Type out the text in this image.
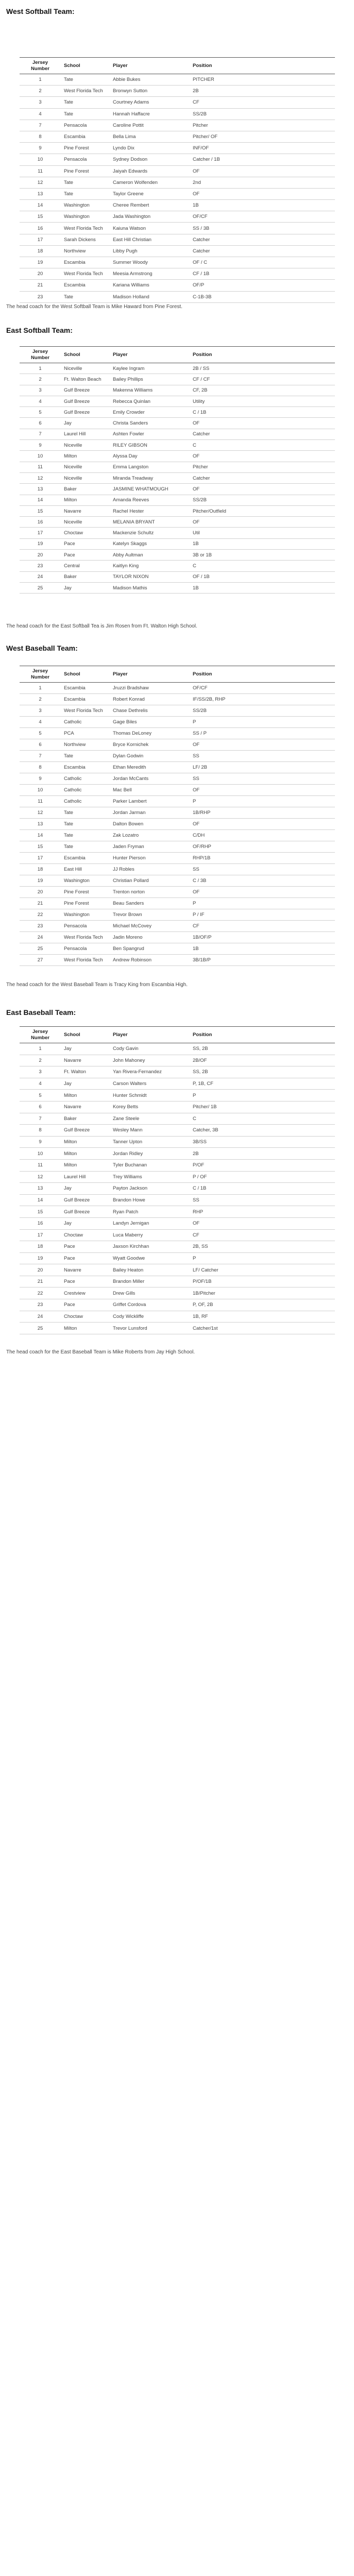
West Softball Team:
Jersey Number	School	Player	Position
1	Tate	Abbie Bukes	PITCHER
2	West Florida Tech	Bronwyn Sutton	2B
3	Tate	Courtney Adams	CF
4	Tate	Hannah Haffacre	SS/2B
7	Pensacola	Caroline Pottit	Pitcher
8	Escambia	Bella Lima	Pitcher/ OF
9	Pine Forest	Lyndo Dix	INF/OF
10	Pensacola	Sydney Dodson	Catcher / 1B
11	Pine Forest	Jaiyah Edwards	OF
12	Tate	Cameron Wolfenden	2nd
13	Tate	Taylor Greene	OF
14	Washington	Cheree Rembert	1B
15	Washington	Jada Washington	OF/CF
16	West Florida Tech	Kaiuna Watson	SS / 3B
17	Sarah Dickens	East Hill Christian	Catcher
18	Northview	Libby Pugh	Catcher
19	Escambia	Summer Woody	OF / C
20	West Florida Tech	Meesia Armstrong	CF / 1B
21	Escambia	Kariana Williams	OF/P
23	Tate	Madison Holland	C-1B-3B
The head coach for the West Softball Team is Mike Haward from Pine Forest.
East Softball Team:
Jersey Number	School	Player	Position
1	Niceville	Kaylee Ingram	2B / SS
2	Ft. Walton Beach	Bailey Phillips	CF / CF
3	Gulf Breeze	Makenna Williams	CF, 2B
4	Gulf Breeze	Rebecca Quinlan	Utility
5	Gulf Breeze	Emily Crowder	C / 1B
6	Jay	Christa Sanders	OF
7	Laurel Hill	Ashten Fowler	Catcher
9	Niceville	RILEY GIBSON	C
10	Milton	Alyssa Day	OF
11	Niceville	Emma Langston	Pitcher
12	Niceville	Miranda Treadway	Catcher
13	Baker	JASMINE WHATMOUGH	OF
14	Milton	Amanda Reeves	SS/2B
15	Navarre	Rachel Hester	Pitcher/Outfield
16	Niceville	MELANIA BRYANT	OF
17	Choctaw	Mackenzie Schultz	Util
19	Pace	Katelyn Skaggs	1B
20	Pace	Abby Aultman	3B or 1B
23	Central	Kaitlyn King	C
24	Baker	TAYLOR NIXON	OF / 1B
25	Jay	Madison Mathis	1B
The head coach for the East Softball Tea is Jim Rosen from Ft. Walton High School.
West Baseball Team:
Jersey Number	School	Player	Position
1	Escambia	Jruzzi Bradshaw	OF/CF
2	Escambia	Robert Konrad	IF/SS/2B, RHP
3	West Florida Tech	Chase Dethrelis	SS/2B
4	Catholic	Gage Biles	P
5	PCA	Thomas DeLoney	SS / P
6	Northview	Bryce Kornichek	OF
7	Tate	Dylan Godwin	SS
8	Escambia	Ethan Meredith	LF/ 2B
9	Catholic	Jordan McCants	SS
10	Catholic	Mac Bell	OF
11	Catholic	Parker Lambert	P
12	Tate	Jordan Jarman	1B/RHP
13	Tate	Dalton Bowen	OF
14	Tate	Zak Lozatro	C/DH
15	Tate	Jaden Fryman	OF/RHP
17	Escambia	Hunter Pierson	RHP/1B
18	East Hill	JJ Robles	SS
19	Washington	Christian Pollard	C / 3B
20	Pine Forest	Trenton norton	OF
21	Pine Forest	Beau Sanders	P
22	Washington	Trevor Brown	P / IF
23	Pensacola	Michael McCovey	CF
24	West Florida Tech	Jadin Moreno	1B/OF/P
25	Pensacola	Ben Spangrud	1B
27	West Florida Tech	Andrew Robinson	3B/1B/P
The head coach for the West Baseball Team is Tracy King from Escambia High.
East Baseball Team:
Jersey Number	School	Player	Position
1	Jay	Cody Gavin	SS, 2B
2	Navarre	John Mahoney	2B/OF
3	Ft. Walton	Yan Rivera-Fernandez	SS, 2B
4	Jay	Carson Walters	P, 1B, CF
5	Milton	Hunter Schmidt	P
6	Navarre	Korey Betts	Pitcher/ 1B
7	Baker	Zane Steele	C
8	Gulf Breeze	Wesley Mann	Catcher, 3B
9	Milton	Tanner Upton	3B/SS
10	Milton	Jordan Ridley	2B
11	Milton	Tyler Buchanan	P/OF
12	Laurel Hill	Trey Williams	P / OF
13	Jay	Payton Jackson	C / 1B
14	Gulf Breeze	Brandon Howe	SS
15	Gulf Breeze	Ryan Patch	RHP
16	Jay	Landyn Jernigan	OF
17	Choctaw	Luca Maberry	CF
18	Pace	Jaxson Kirchhan	2B, SS
19	Pace	Wyatt Goodwe	P
20	Navarre	Bailey Heaton	LF/ Catcher
21	Pace	Brandon Miller	P/OF/1B
22	Crestview	Drew Gills	1B/Pitcher
23	Pace	Griffet Cordova	P, OF, 2B
24	Choctaw	Cody Wickliffe	1B, RF
25	Milton	Trevor Lunsford	Catcher/1st
The head coach for the East Baseball Team is Mike Roberts from Jay High School.
